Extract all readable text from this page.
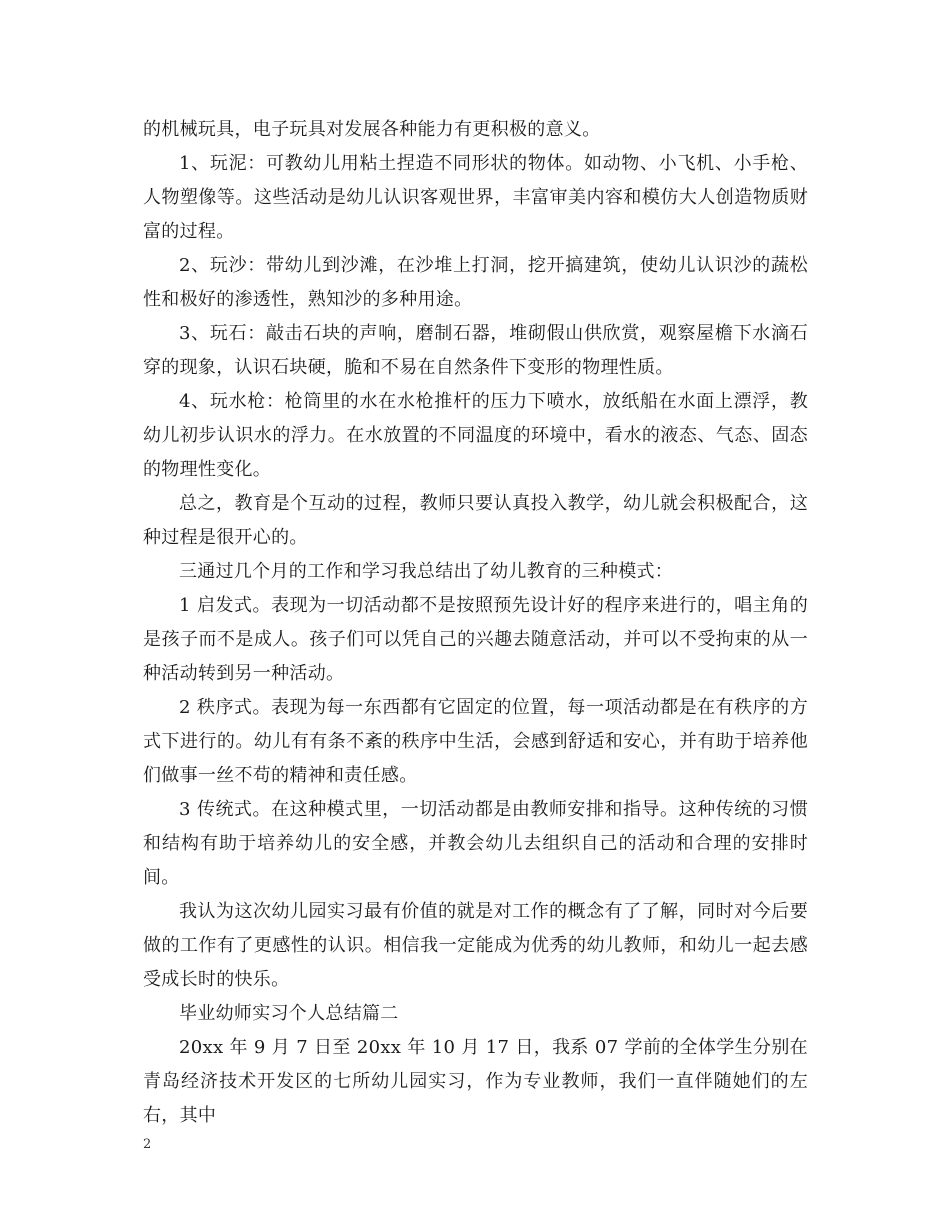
的机械玩具，电子玩具对发展各种能力有更积极的意义。

1、玩泥：可教幼儿用粘土捏造不同形状的物体。如动物、小飞机、小手枪、人物塑像等。这些活动是幼儿认识客观世界，丰富审美内容和模仿大人创造物质财富的过程。

2、玩沙：带幼儿到沙滩，在沙堆上打洞，挖开搞建筑，使幼儿认识沙的蔬松性和极好的渗透性，熟知沙的多种用途。

3、玩石：敲击石块的声响，磨制石器，堆砌假山供欣赏，观察屋檐下水滴石穿的现象，认识石块硬，脆和不易在自然条件下变形的物理性质。

4、玩水枪：枪筒里的水在水枪推杆的压力下喷水，放纸船在水面上漂浮，教幼儿初步认识水的浮力。在水放置的不同温度的环境中，看水的液态、气态、固态的物理性变化。

总之，教育是个互动的过程，教师只要认真投入教学，幼儿就会积极配合，这种过程是很开心的。

三通过几个月的工作和学习我总结出了幼儿教育的三种模式：

1 启发式。表现为一切活动都不是按照预先设计好的程序来进行的，唱主角的是孩子而不是成人。孩子们可以凭自己的兴趣去随意活动，并可以不受拘束的从一种活动转到另一种活动。

2 秩序式。表现为每一东西都有它固定的位置，每一项活动都是在有秩序的方式下进行的。幼儿有有条不紊的秩序中生活，会感到舒适和安心，并有助于培养他们做事一丝不苟的精神和责任感。

3 传统式。在这种模式里，一切活动都是由教师安排和指导。这种传统的习惯和结构有助于培养幼儿的安全感，并教会幼儿去组织自己的活动和合理的安排时间。

我认为这次幼儿园实习最有价值的就是对工作的概念有了了解，同时对今后要做的工作有了更感性的认识。相信我一定能成为优秀的幼儿教师，和幼儿一起去感受成长时的快乐。

毕业幼师实习个人总结篇二

20xx 年 9 月 7 日至 20xx 年 10 月 17 日，我系 07 学前的全体学生分别在青岛经济技术开发区的七所幼儿园实习，作为专业教师，我们一直伴随她们的左右，其中

2
